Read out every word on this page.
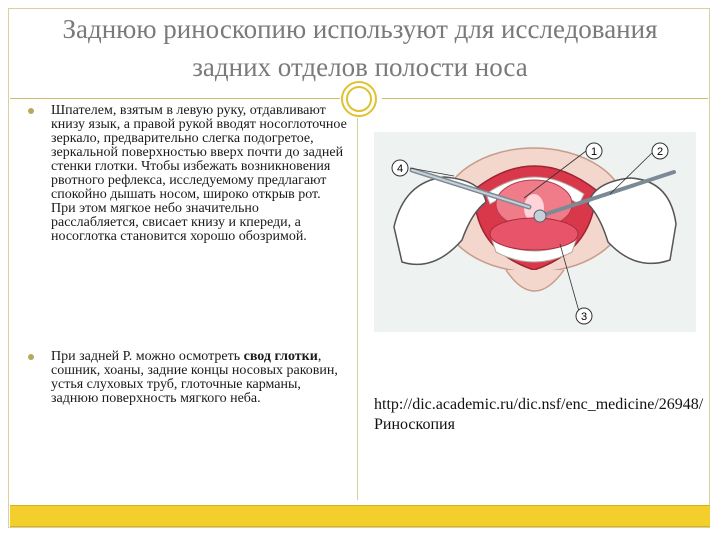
Заднюю риноскопию используют для исследования задних отделов полости носа
Шпателем, взятым в левую руку, отдавливают книзу язык, а правой рукой вводят носоглоточное зеркало, предварительно слегка подогретое, зеркальной поверхностью вверх почти до задней стенки глотки. Чтобы избежать возникновения рвотного рефлекса, исследуемому предлагают спокойно дышать носом, широко открыв рот. При этом мягкое небо значительно расслабляется, свисает книзу и кпереди, а носоглотка становится хорошо обозримой.
При задней Р. можно осмотреть свод глотки, сошник, хоаны, задние концы носовых раковин, устья слуховых труб, глоточные карманы, заднюю поверхность мягкого неба.
1	2
3
4
http://dic.academic.ru/dic.nsf/enc_medicine/26948/Риноскопия
